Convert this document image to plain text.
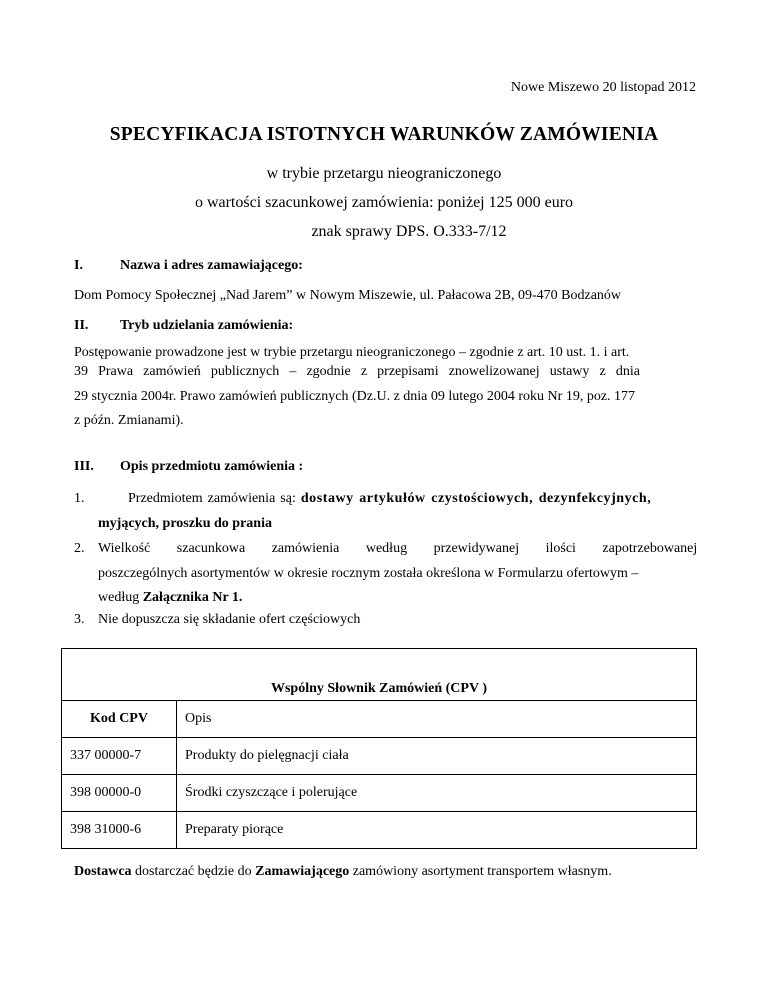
Nowe Miszewo 20 listopad 2012
SPECYFIKACJA ISTOTNYCH WARUNKÓW ZAMÓWIENIA
w trybie przetargu nieograniczonego
o wartości szacunkowej zamówienia: poniżej 125 000 euro
znak sprawy DPS. O.333-7/12
I.	Nazwa i adres zamawiającego:
Dom Pomocy Społecznej „Nad Jarem” w Nowym Miszewie, ul. Pałacowa 2B, 09-470 Bodzanów
II. Tryb udzielania zamówienia:
Postępowanie prowadzone jest w trybie przetargu nieograniczonego – zgodnie z art. 10 ust. 1. i art.
39 Prawa zamówień publicznych – zgodnie z przepisami znowelizowanej ustawy z dnia
29 stycznia 2004r. Prawo zamówień publicznych (Dz.U. z dnia 09 lutego 2004 roku Nr 19, poz. 177
z późn. Zmianami).
III. Opis przedmiotu zamówienia :
1.	Przedmiotem zamówienia są: dostawy artykułów czystościowych, dezynfekcyjnych,
myjących, proszku do prania
2. Wielkość szacunkowa zamówienia według przewidywanej ilości zapotrzebowanej
poszczególnych asortymentów w okresie rocznym została określona w Formularzu ofertowym –
według Załącznika Nr 1.
3. Nie dopuszcza się składanie ofert częściowych
Wspólny Słownik Zamówień (CPV )	
Kod CPV	Opis
337 00000-7	Produkty do pielęgnacji ciała
398 00000-0	Środki czyszczące i polerujące
398 31000-6	Preparaty piorące
Dostawca dostarczać będzie do Zamawiającego zamówiony asortyment transportem własnym.
